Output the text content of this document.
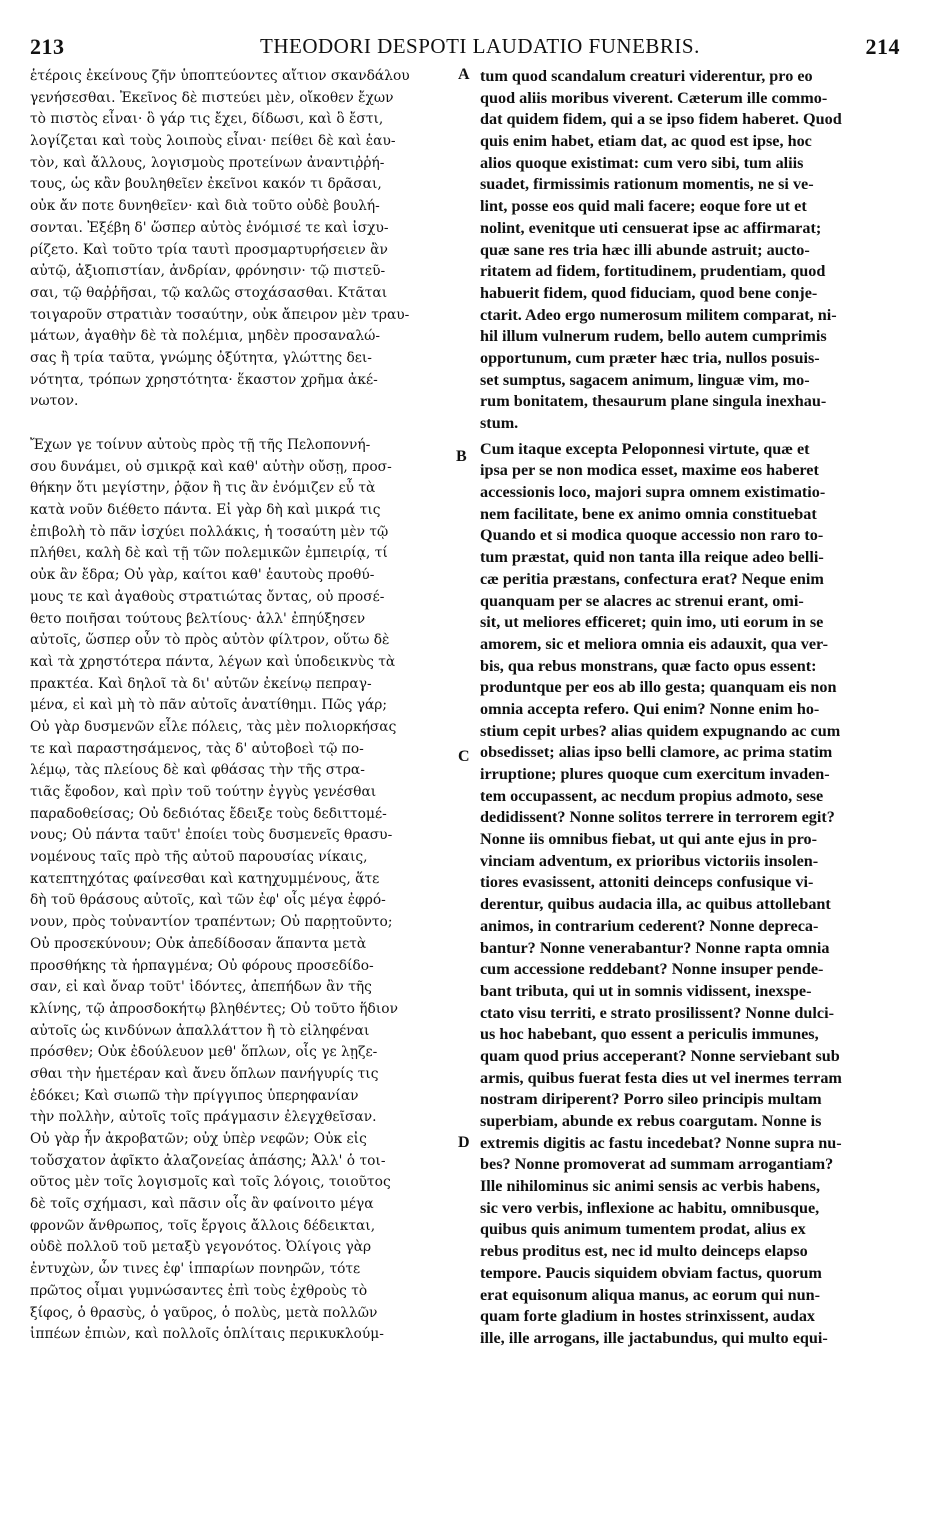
213	THEODORI DESPOTI LAUDATIO FUNEBRIS.	214
ἑτέροις ἐκείνους ζῆν ὑποπτεύοντες αἴτιον σκανδάλου
γενήσεσθαι. Ἐκεῖνος δὲ πιστεύει μὲν, οἴκοθεν ἔχων
τὸ πιστὸς εἶναι· ὃ γάρ τις ἔχει, δίδωσι, καὶ ὃ ἔστι,
λογίζεται καὶ τοὺς λοιποὺς εἶναι· πείθει δὲ καὶ ἑαυ-
τὸν, καὶ ἄλλους, λογισμοὺς προτείνων ἀναντιῤῥή-
τους, ὡς κἂν βουληθεῖεν ἐκεῖνοι κακόν τι δρᾶσαι,
οὐκ ἄν ποτε δυνηθεῖεν· καὶ διὰ τοῦτο οὐδὲ βουλή-
σονται. Ἐξέβη δ' ὥσπερ αὐτὸς ἐνόμισέ τε καὶ ἰσχυ-
ρίζετο. Καὶ τοῦτο τρία ταυτὶ προσμαρτυρήσειεν ἂν
αὐτῷ, ἀξιοπιστίαν, ἀνδρίαν, φρόνησιν· τῷ πιστεῦ-
σαι, τῷ θαῤῥῆσαι, τῷ καλῶς στοχάσασθαι. Κτᾶται
τοιγαροῦν στρατιὰν τοσαύτην, οὐκ ἄπειρον μὲν τραυ-
μάτων, ἀγαθὴν δὲ τὰ πολέμια, μηδὲν προσαναλώ-
σας ἢ τρία ταῦτα, γνώμης ὀξύτητα, γλώττης δει-
νότητα, τρόπων χρηστότητα· ἕκαστον χρῆμα ἀκέ-
νωτον.
Ἔχων γε τοίνυν αὐτοὺς πρὸς τῇ τῆς Πελοποννή-
σου δυνάμει, οὐ σμικρᾷ καὶ καθ' αὑτὴν οὔσῃ, προσ-
θήκην ὅτι μεγίστην, ῥᾷον ἢ τις ἂν ἐνόμιζεν εὖ τὰ
κατὰ νοῦν διέθετο πάντα. Εἰ γὰρ δὴ καὶ μικρά τις
ἐπιβολὴ τὸ πᾶν ἰσχύει πολλάκις, ἡ τοσαύτη μὲν τῷ
πλήθει, καλὴ δὲ καὶ τῇ τῶν πολεμικῶν ἐμπειρίᾳ, τί
οὐκ ἂν ἔδρα; Οὐ γὰρ, καίτοι καθ' ἑαυτοὺς προθύ-
μους τε καὶ ἀγαθοὺς στρατιώτας ὄντας, οὐ προσέ-
θετο ποιῆσαι τούτους βελτίους· ἀλλ' ἐπηύξησεν
αὐτοῖς, ὥσπερ οὖν τὸ πρὸς αὐτὸν φίλτρον, οὕτω δὲ
καὶ τὰ χρηστότερα πάντα, λέγων καὶ ὑποδεικνὺς τὰ
πρακτέα. Καὶ δηλοῖ τὰ δι' αὐτῶν ἐκείνῳ πεπραγ-
μένα, εἰ καὶ μὴ τὸ πᾶν αὐτοῖς ἀνατίθημι. Πῶς γάρ;
Οὐ γὰρ δυσμενῶν εἷλε πόλεις, τὰς μὲν πολιορκήσας
τε καὶ παραστησάμενος, τὰς δ' αὐτοβοεὶ τῷ πο-
λέμῳ, τὰς πλείους δὲ καὶ φθάσας τὴν τῆς στρα-
τιᾶς ἔφοδον, καὶ πρὶν τοῦ τούτην ἐγγὺς γενέσθαι
παραδοθείσας; Οὐ δεδιότας ἔδειξε τοὺς δεδιττομέ-
νους; Οὐ πάντα ταῦτ' ἐποίει τοὺς δυσμενεῖς θρασυ-
νομένους ταῖς πρὸ τῆς αὐτοῦ παρουσίας νίκαις,
κατεπτηχότας φαίνεσθαι καὶ κατηχυμμένους, ἅτε
δὴ τοῦ θράσους αὐτοῖς, καὶ τῶν ἐφ' οἷς μέγα ἐφρό-
νουν, πρὸς τοὐναντίον τραπέντων; Οὐ παρῃτοῦντο;
Οὐ προσεκύνουν; Οὐκ ἀπεδίδοσαν ἅπαντα μετὰ
προσθήκης τὰ ἡρπαγμένα; Οὐ φόρους προσεδίδο-
σαν, εἰ καὶ ὄναρ τοῦτ' ἰδόντες, ἀπεπήδων ἂν τῆς
κλίνης, τῷ ἀπροσδοκήτῳ βληθέντες; Οὐ τοῦτο ἥδιον
αὐτοῖς ὡς κινδύνων ἀπαλλάττον ἢ τὸ εἰληφέναι
πρόσθεν; Οὐκ ἐδούλευον μεθ' ὅπλων, οἷς γε λῃζε-
σθαι τὴν ἡμετέραν καὶ ἄνευ ὅπλων πανήγυρίς τις
ἐδόκει; Καὶ σιωπῶ τὴν πρίγγιπος ὑπερηφανίαν
τὴν πολλὴν, αὐτοῖς τοῖς πράγμασιν ἐλεγχθεῖσαν.
Οὐ γὰρ ἦν ἀκροβατῶν; οὐχ ὑπὲρ νεφῶν; Οὐκ εἰς
τοὔσχατον ἀφῖκτο ἀλαζονείας ἁπάσης; Ἀλλ' ὁ τοι-
οῦτος μὲν τοῖς λογισμοῖς καὶ τοῖς λόγοις, τοιοῦτος
δὲ τοῖς σχήμασι, καὶ πᾶσιν οἷς ἂν φαίνοιτο μέγα
φρονῶν ἄνθρωπος, τοῖς ἔργοις ἄλλοις δέδεικται,
οὐδὲ πολλοῦ τοῦ μεταξὺ γεγονότος. Ὀλίγοις γὰρ
ἐντυχὼν, ὧν τινες ἐφ' ἱππαρίων πονηρῶν, τότε
πρῶτος οἶμαι γυμνώσαντες ἐπὶ τοὺς ἐχθροὺς τὸ
ξίφος, ὁ θρασὺς, ὁ γαῦρος, ὁ πολὺς, μετὰ πολλῶν
ἱππέων ἐπιὼν, καὶ πολλοῖς ὁπλίταις περικυκλούμ-
tum quod scandalum creaturi viderentur, pro eo
quod aliis moribus viverent. Cæterum ille commo-
dat quidem fidem, qui a se ipso fidem haberet. Quod
quis enim habet, etiam dat, ac quod est ipse, hoc
alios quoque existimat: cum vero sibi, tum aliis
suadet, firmissimis rationum momentis, ne si ve-
lint, posse eos quid mali facere; eoque fore ut et
nolint, evenitque uti censuerat ipse ac affirmarat;
quæ sane res tria hæc illi abunde astruit; aucto-
ritatem ad fidem, fortitudinem, prudentiam, quod
habuerit fidem, quod fiduciam, quod bene conje-
ctarit. Adeo ergo numerosum militem comparat, ni-
hil illum vulnerum rudem, bello autem cumprimis
opportunum, cum præter hæc tria, nullos posuis-
set sumptus, sagacem animum, linguæ vim, mo-
rum bonitatem, thesaurum plane singula inexhau-
stum.
Cum itaque excepta Peloponnesi virtute, quæ et
ipsa per se non modica esset, maxime eos haberet
accessionis loco, majori supra omnem existimatio-
nem facilitate, bene ex animo omnia constituebat
Quando et si modica quoque accessio non raro to-
tum præstat, quid non tanta illa reique adeo belli-
cæ peritia præstans, confectura erat? Neque enim
quanquam per se alacres ac strenui erant, omi-
sit, ut meliores efficeret; quin imo, uti eorum in se
amorem, sic et meliora omnia eis adauxit, qua ver-
bis, qua rebus monstrans, quæ facto opus essent:
produntque per eos ab illo gesta; quanquam eis non
omnia accepta refero. Qui enim? Nonne enim ho-
stium cepit urbes? alias quidem expugnando ac cum
obsedisset; alias ipso belli clamore, ac prima statim
irruptione; plures quoque cum exercitum invaden-
tem occupassent, ac necdum propius admoto, sese
dedidissent? Nonne solitos terrere in terrorem egit?
Nonne iis omnibus fiebat, ut qui ante ejus in pro-
vinciam adventum, ex prioribus victoriis insolen-
tiores evasissent, attoniti deinceps confusique vi-
derentur, quibus audacia illa, ac quibus attollebant
animos, in contrarium cederent? Nonne depreca-
bantur? Nonne venerabantur? Nonne rapta omnia
cum accessione reddebant? Nonne insuper pende-
bant tributa, qui ut in somnis vidissent, inexspe-
ctato visu territi, e strato prosilissent? Nonne dulci-
us hoc habebant, quo essent a periculis immunes,
quam quod prius acceperant? Nonne serviebant sub
armis, quibus fuerat festa dies ut vel inermes terram
nostram diriperent? Porro sileo principis multam
superbiam, abunde ex rebus coargutam. Nonne is
extremis digitis ac fastu incedebat? Nonne supra nu-
bes? Nonne promoverat ad summam arrogantiam?
Ille nihilominus sic animi sensis ac verbis habens,
sic vero verbis, inflexione ac habitu, omnibusque,
quibus quis animum tumentem prodat, alius ex
rebus proditus est, nec id multo deinceps elapso
tempore. Paucis siquidem obviam factus, quorum
erat equisonum aliqua manus, ac eorum qui nun-
quam forte gladium in hostes strinxissent, audax
ille, ille arrogans, ille jactabundus, qui multo equi-
A
B
C
D
